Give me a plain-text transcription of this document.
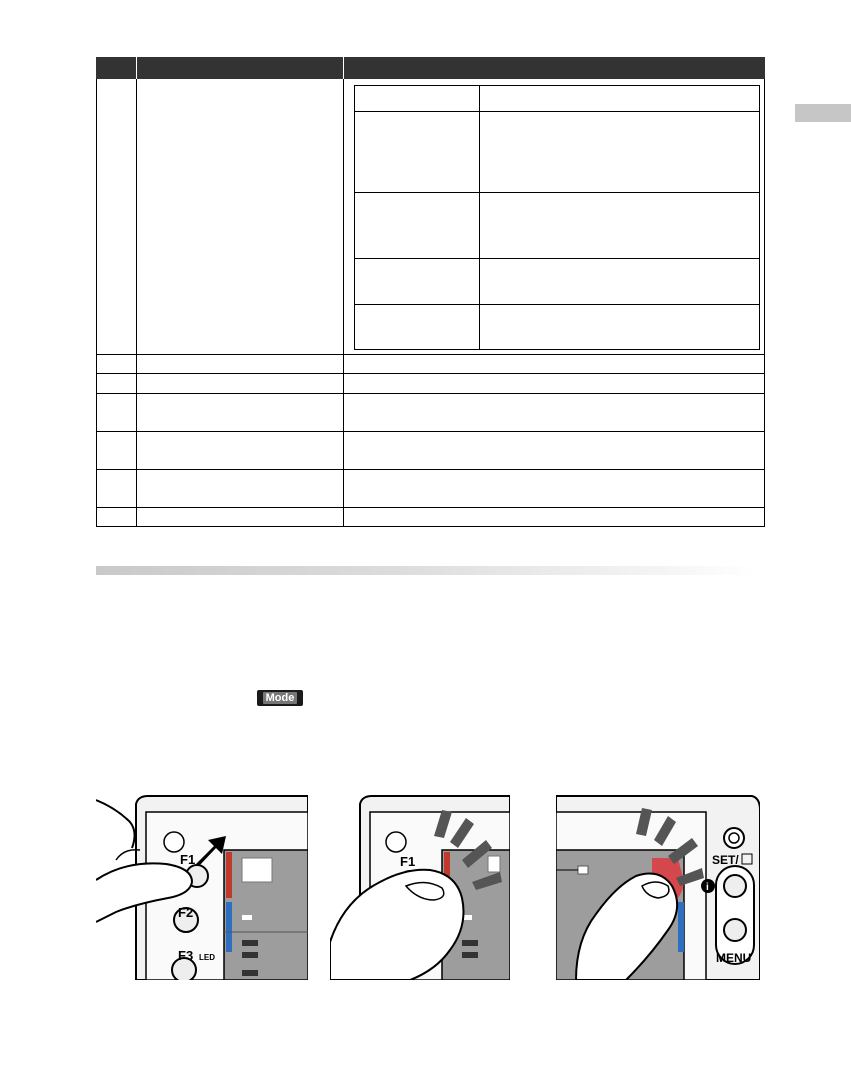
Mode
F1
F2
F3 LED
F1
i
SET/
MENU
